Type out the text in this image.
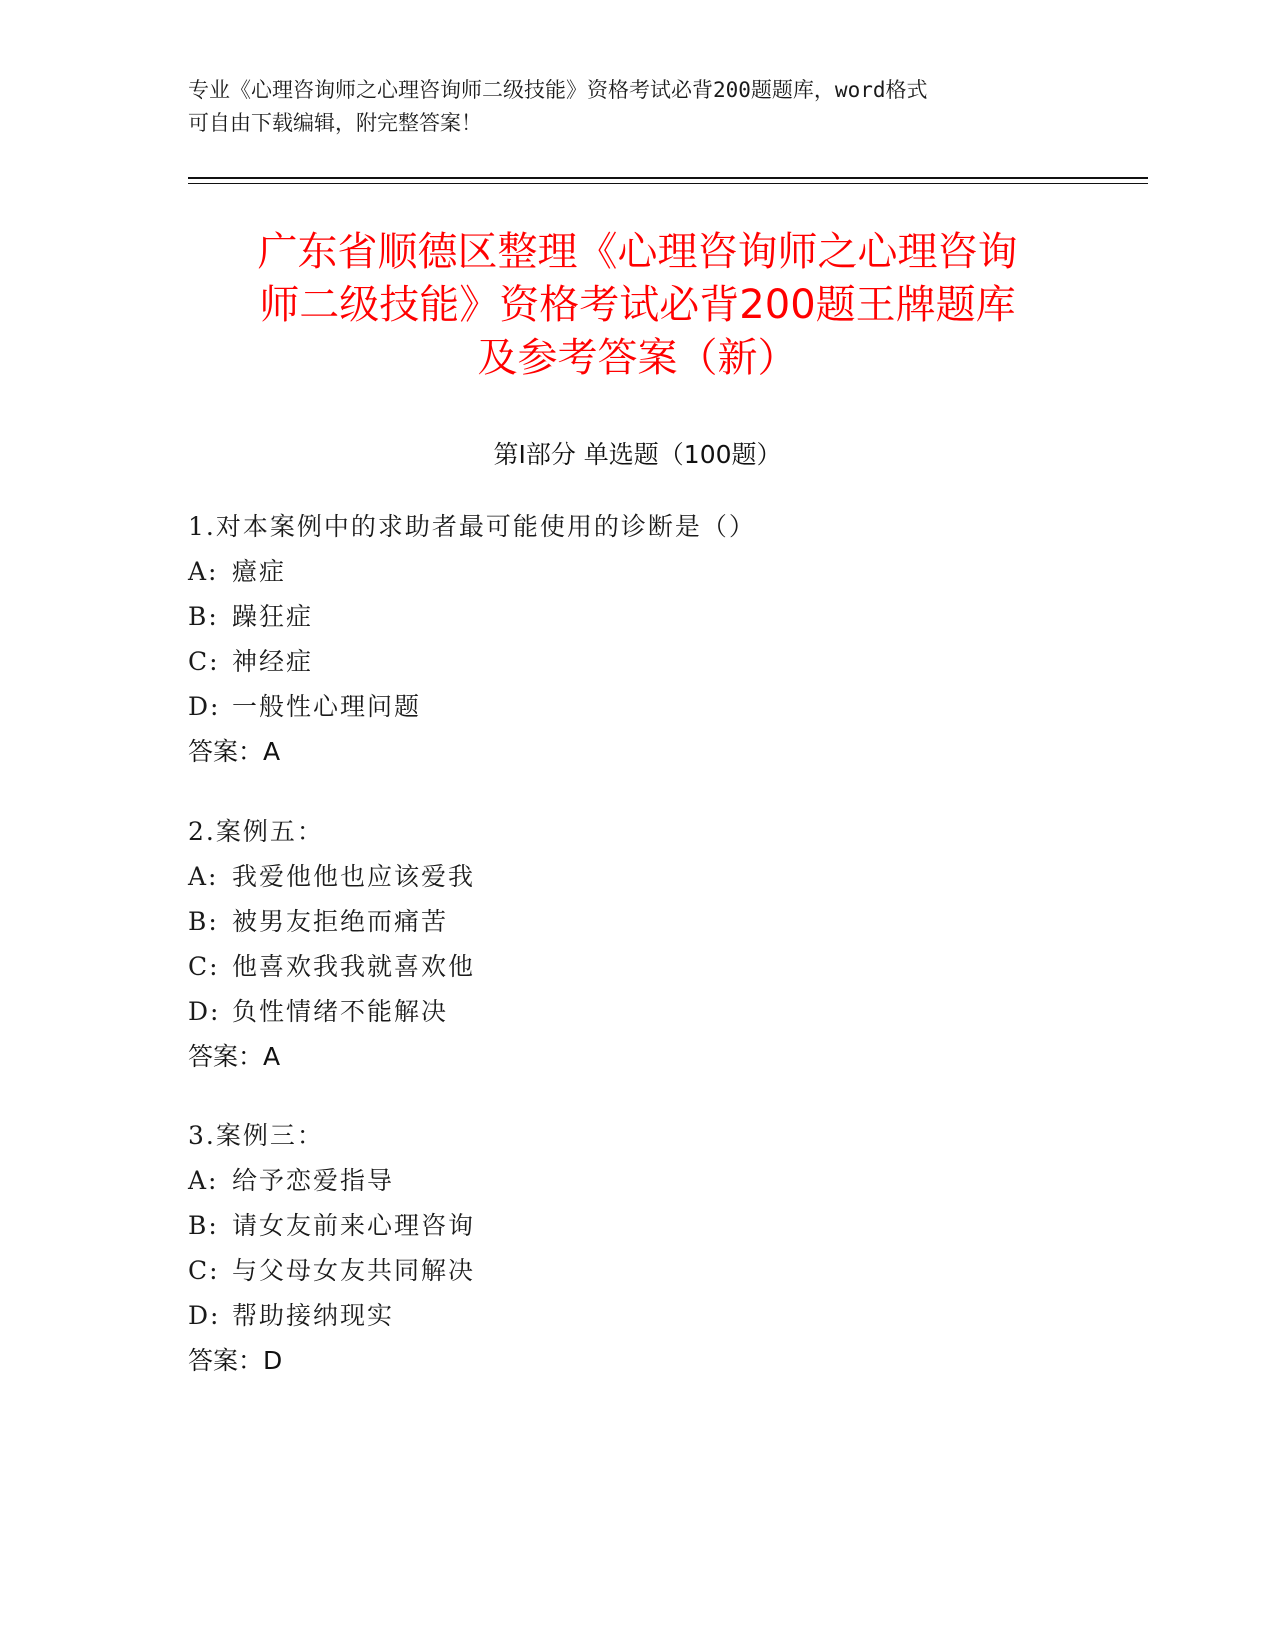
专业《心理咨询师之心理咨询师二级技能》资格考试必背200题题库，word格式
可自由下载编辑，附完整答案！
广东省顺德区整理《心理咨询师之心理咨询
师二级技能》资格考试必背200题王牌题库
及参考答案（新）
第Ⅰ部分 单选题（100题）
1.对本案例中的求助者最可能使用的诊断是（）
A: 癔症
B: 躁狂症
C: 神经症
D: 一般性心理问题
答案：A
2.案例五：
A: 我爱他他也应该爱我
B: 被男友拒绝而痛苦
C: 他喜欢我我就喜欢他
D: 负性情绪不能解决
答案：A
3.案例三：
A: 给予恋爱指导
B: 请女友前来心理咨询
C: 与父母女友共同解决
D: 帮助接纳现实
答案：D
